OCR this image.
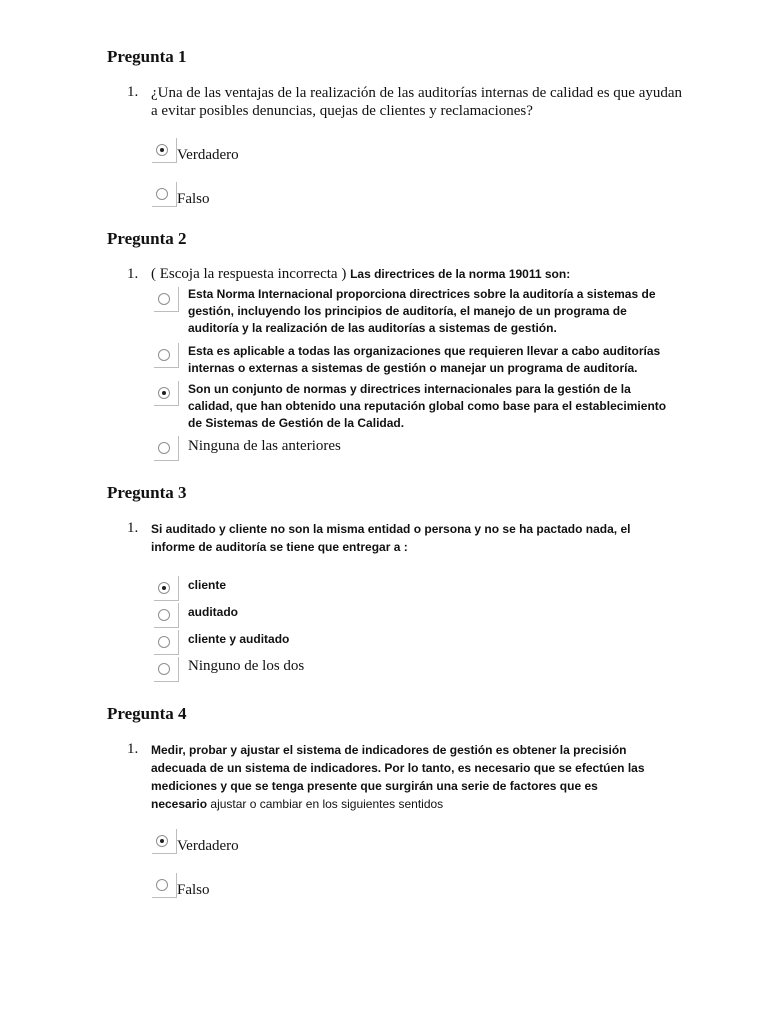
Pregunta 1
1. ¿Una de las ventajas de la realización de las auditorías internas de calidad es que ayudan a evitar posibles denuncias, quejas de clientes y reclamaciones?
Verdadero
Falso
Pregunta 2
1. ( Escoja la respuesta incorrecta ) Las directrices de la norma 19011 son:
Esta Norma Internacional proporciona directrices sobre la auditoría a sistemas de gestión, incluyendo los principios de auditoría, el manejo de un programa de auditoría y la realización de las auditorías a sistemas de gestión.
Esta es aplicable a todas las organizaciones que requieren llevar a cabo auditorías internas o externas a sistemas de gestión o manejar un programa de auditoría.
Son un conjunto de normas y directrices internacionales para la gestión de la calidad, que han obtenido una reputación global como base para el establecimiento de Sistemas de Gestión de la Calidad.
Ninguna de las anteriores
Pregunta 3
1. Si auditado y cliente no son la misma entidad o persona y no se ha pactado nada, el informe de auditoría se tiene que entregar a :
cliente
auditado
cliente y auditado
Ninguno de los dos
Pregunta 4
1. Medir, probar y ajustar el sistema de indicadores de gestión es obtener la precisión adecuada de un sistema de indicadores. Por lo tanto, es necesario que se efectúen las mediciones y que se tenga presente que surgirán una serie de factores que es necesario ajustar o cambiar en los siguientes sentidos
Verdadero
Falso
